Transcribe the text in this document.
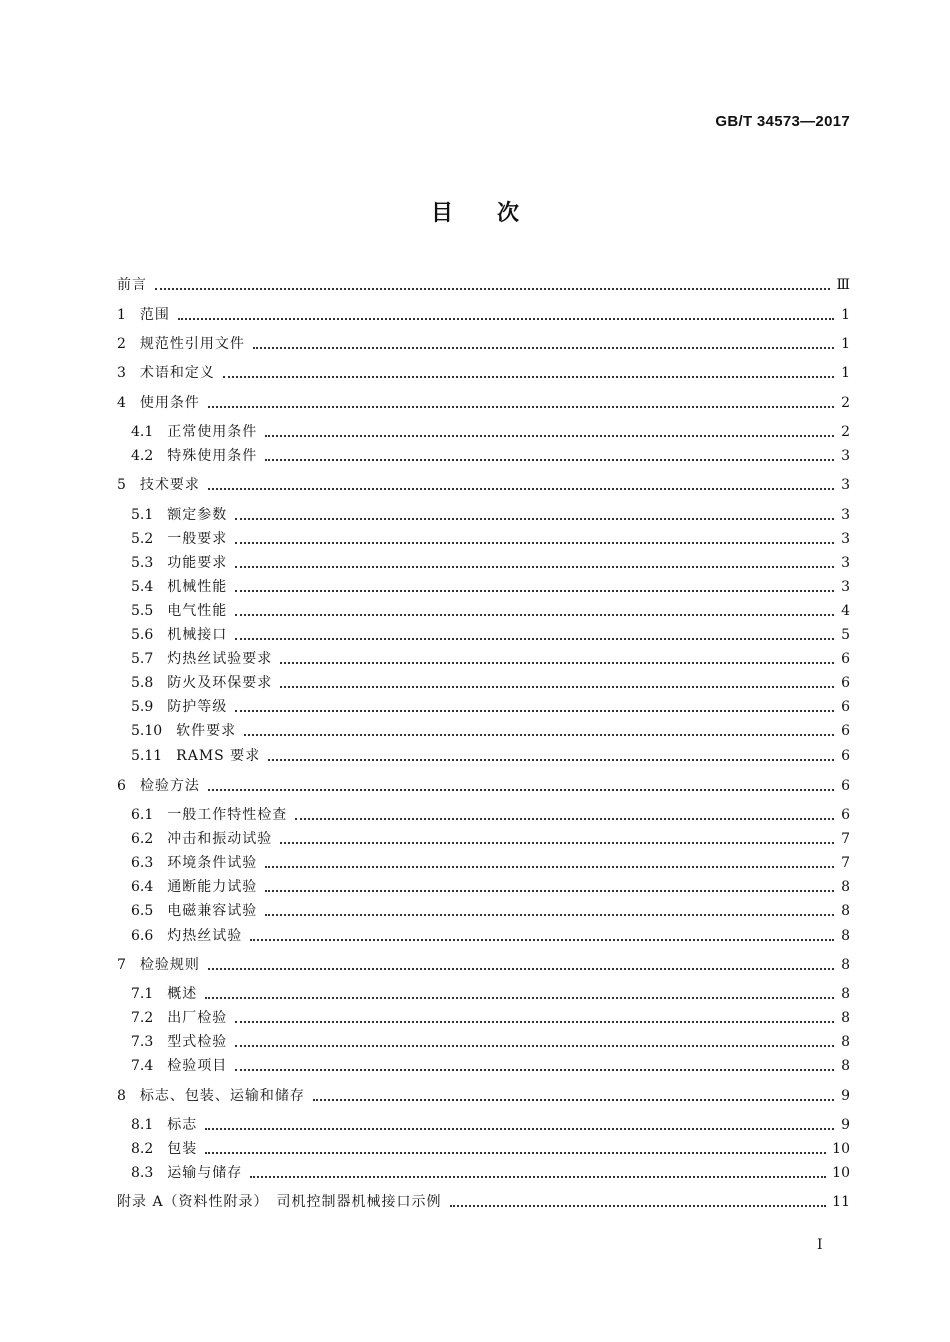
GB/T 34573—2017
目　　次
前言	Ⅲ
1　 范围	1
2　 规范性引用文件	1
3　 术语和定义	1
4　 使用条件	2
4.1　 正常使用条件	2
4.2　 特殊使用条件	3
5　 技术要求	3
5.1　 额定参数	3
5.2　 一般要求	3
5.3　 功能要求	3
5.4　 机械性能	3
5.5　 电气性能	4
5.6　 机械接口	5
5.7　 灼热丝试验要求	6
5.8　 防火及环保要求	6
5.9　 防护等级	6
5.10　 软件要求	6
5.11　 RAMS 要求	6
6　 检验方法	6
6.1　 一般工作特性检查	6
6.2　 冲击和振动试验	7
6.3　 环境条件试验	7
6.4　 通断能力试验	8
6.5　 电磁兼容试验	8
6.6　 灼热丝试验	8
7　 检验规则	8
7.1　 概述	8
7.2　 出厂检验	8
7.3　 型式检验	8
7.4　 检验项目	8
8　 标志、包装、运输和储存	9
8.1　 标志	9
8.2　 包装	10
8.3　 运输与储存	10
附录 A（资料性附录）　司机控制器机械接口示例	11
I
